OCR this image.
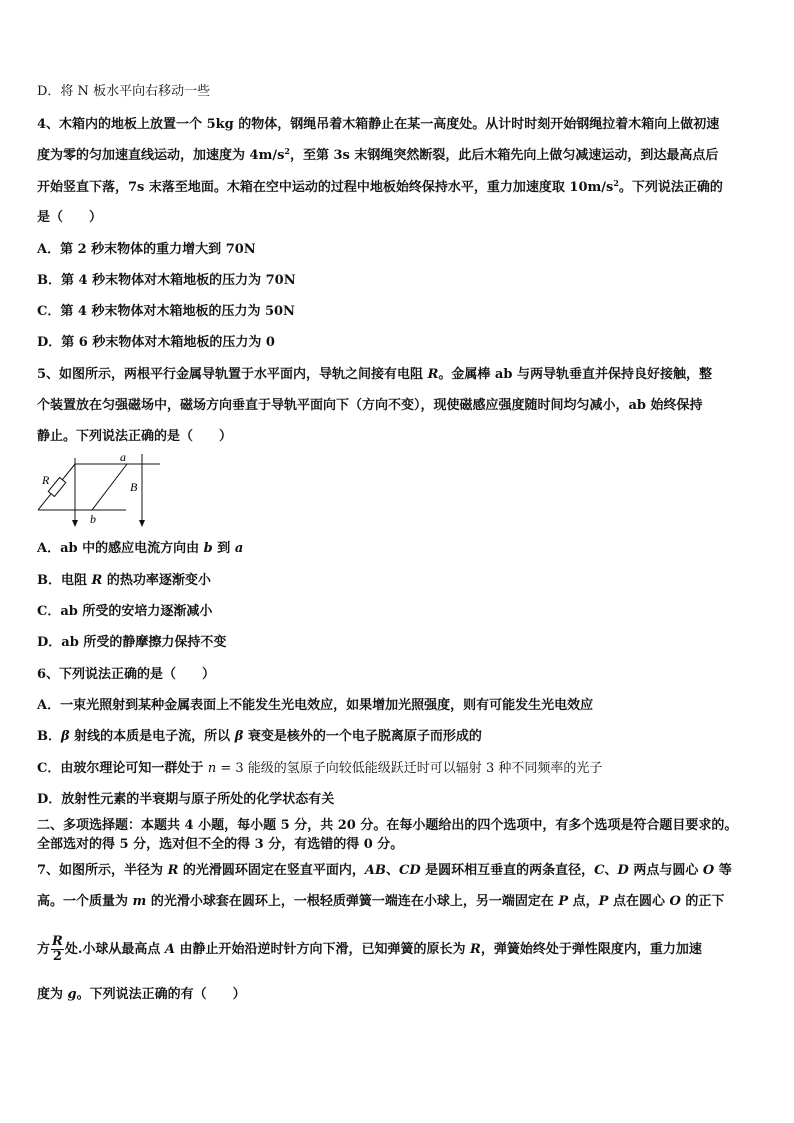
D．将 N 板水平向右移动一些
4、木箱内的地板上放置一个 5kg 的物体，钢绳吊着木箱静止在某一高度处。从计时时刻开始钢绳拉着木箱向上做初速
度为零的匀加速直线运动，加速度为 $4m/s^2$，至第 3s 末钢绳突然断裂，此后木箱先向上做匀减速运动，到达最高点后
开始竖直下落，7s 末落至地面。木箱在空中运动的过程中地板始终保持水平，重力加速度取 $10m/s^2$。下列说法正确的
是（　　）
A．第 2 秒末物体的重力增大到 70N
B．第 4 秒末物体对木箱地板的压力为 70N
C．第 4 秒末物体对木箱地板的压力为 50N
D．第 6 秒末物体对木箱地板的压力为 0
5、如图所示，两根平行金属导轨置于水平面内，导轨之间接有电阻 R。金属棒 ab 与两导轨垂直并保持良好接触，整
个装置放在匀强磁场中，磁场方向垂直于导轨平面向下（方向不变），现使磁感应强度随时间均匀减小，ab 始终保持
静止。下列说法正确的是（　　）
R
a
B
b
A．ab 中的感应电流方向由 b 到 a
B．电阻 R 的热功率逐渐变小
C．ab 所受的安培力逐渐减小
D．ab 所受的静摩擦力保持不变
6、下列说法正确的是（　　）
A．一束光照射到某种金属表面上不能发生光电效应，如果增加光照强度，则有可能发生光电效应
B．β 射线的本质是电子流，所以 β 衰变是核外的一个电子脱离原子而形成的
C．由玻尔理论可知一群处于 n = 3 能级的氢原子向较低能级跃迁时可以辐射 3 种不同频率的光子
D．放射性元素的半衰期与原子所处的化学状态有关
二、多项选择题：本题共 4 小题，每小题 5 分，共 20 分。在每小题给出的四个选项中，有多个选项是符合题目要求的。
全部选对的得 5 分，选对但不全的得 3 分，有选错的得 0 分。
7、如图所示，半径为 R 的光滑圆环固定在竖直平面内，AB、CD 是圆环相互垂直的两条直径，C、D 两点与圆心 O 等
高。一个质量为 m 的光滑小球套在圆环上，一根轻质弹簧一端连在小球上，另一端固定在 P 点，P 点在圆心 O 的正下
方 $\frac{R}{2}$ 处.小球从最高点 A 由静止开始沿逆时针方向下滑，已知弹簧的原长为 R，弹簧始终处于弹性限度内，重力加速
度为 g。下列说法正确的有（　　）
